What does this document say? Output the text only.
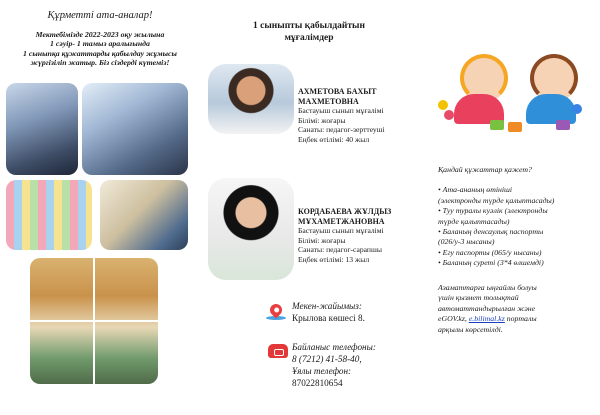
Құрметті ата-аналар!
Мектебімізде 2022-2023 оқу жылына
1 сәуір- 1 тамыз аралығында
1 сыныпқа құжаттарды қабылдау жұмысы
жүргізіліп жатыр. Біз сіздерді күтеміз!
1 сыныпты қабылдайтын
мұғалімдер
АХМЕТОВА БАХЫТ
МАХМЕТОВНА
Бастауыш сынып мұғалімі
Білімі: жоғары
Санаты: педагог-зерттеуші
Еңбек өтілімі: 40 жыл
КОРДАБАЕВА ЖҰЛДЫЗ
МҰХАМЕТЖАНОВНА
Бастауыш сынып мұғалімі
Білімі: жоғары
Санаты: педагог-сарапшы
Еңбек өтілімі: 13 жыл
Мекен-жайымыз:
Крылова көшесі 8.
Байланыс телефоны:
8 (7212) 41-58-40,
Ұялы телефон:
87022810654
Қандай құжаттар қажет?
• Ата-ананың өтініші
(электронды түрде қалыптасады)
• Туу туралы куәлік (электронды
түрде қалыптасады)
• Баланың денсаулық паспорты
(026/у-3 нысаны)
• Егу паспорты (065/у нысаны)
• Баланың суреті (3*4 өлшемді)
Азаматтарға ыңғайлы болуы
үшін қызмет толықтай
автоматтандырылған және
eGOV.kz, e.bilimal.kz порталы
арқылы көрсетілді.
